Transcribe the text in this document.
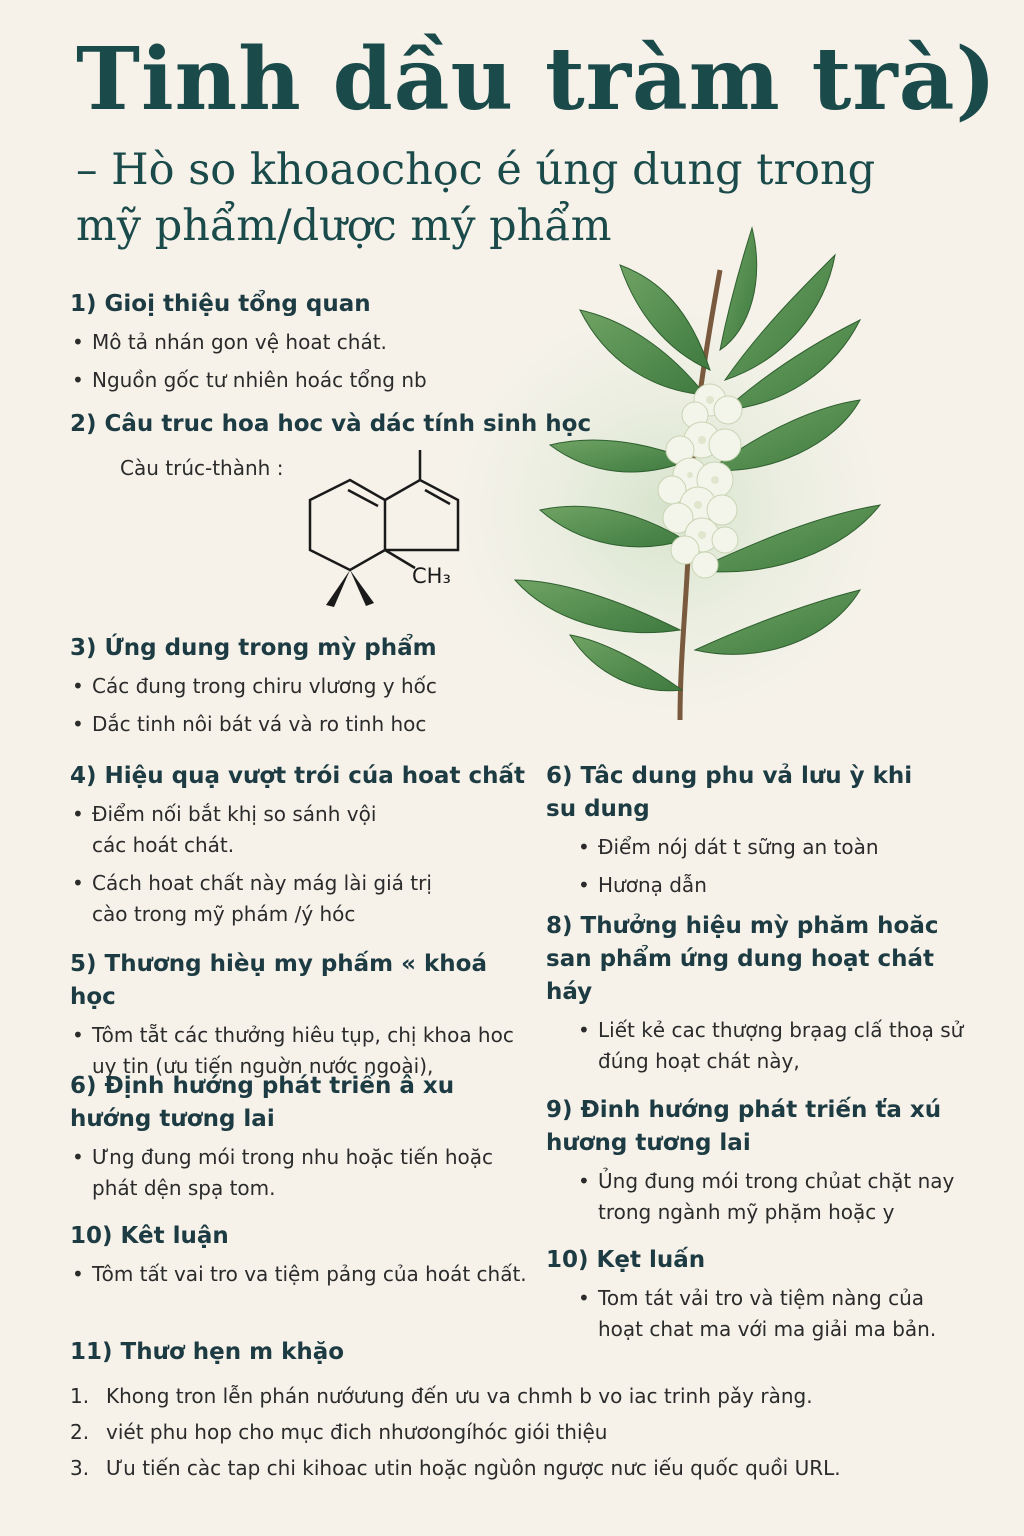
Tinh dầu tràm trà)

– Hò so khoaochọc é úng dung trong mỹ phẩm/dược mý phẩm

1) Gioị thiệu tổng quan
• Mô tả nhán gon vệ hoat chát.
• Nguồn gốc tư nhiên hoác tổng nb
2) Câu truc hoa hoc và dác tính sinh học
Càu trúc-thành :
CH₃
3) Ứng dung trong mỳ phẩm
• Các đung trong chiru vlương y hốc
• Dắc tinh nôi bát vá và ro tinh hoc
4) Hiệu quạ vượt trói cúa hoat chất
• Điểm nối bắt khị so sánh vội các hoát chát.
• Cách hoat chất này mág lài giá trị cào trong mỹ phám /ý hóc
5) Thương hièụ my phấm « khoá học
• Tôm tẵt các thưởng hiêu tụp, chị khoa hoc uy tin (ưu tiến nguờn nước ngoài),
6) Định hướng phát triến â xu hướng tương lai
• Ưng đung mói trong nhu hoặc tiến hoặc phát dện spạ tom.
10) Kêt luận
• Tôm tất vai tro va tiệm pảng của hoát chất.
6) Tâc dung phu vả lưu ỳ khi su dung
• Điểm nój dát t sững an toàn
• Hươnạ dẫn
8) Thưởng hiệu mỳ phăm hoăc san phẩm ứng dung hoạt chát háy
• Liết kẻ cac thượng brạag clấ thoạ sử đúng hoạt chát này,
9) Đinh hướng phát triến ťa xú hương tương lai
• Ủng đung mói trong chủat chặt nay trong ngành mỹ phặm hoặc y
10) Kẹt luấn
• Tom tát vải tro và tiệm nàng của hoạt chat ma với ma giải ma bản.
11) Thươ hẹn m khặo
1. Khong tron lễn phán nướưung đến ưu va chmh b vo iac trinh pǎy ràng.
2. viét phu hop cho mục đich nhươongíhóc giói thiệu
3. Ưu tiến càc tap chi kihoac utin hoặc ngùôn ngược nưc iếu quốc quồi URL.
